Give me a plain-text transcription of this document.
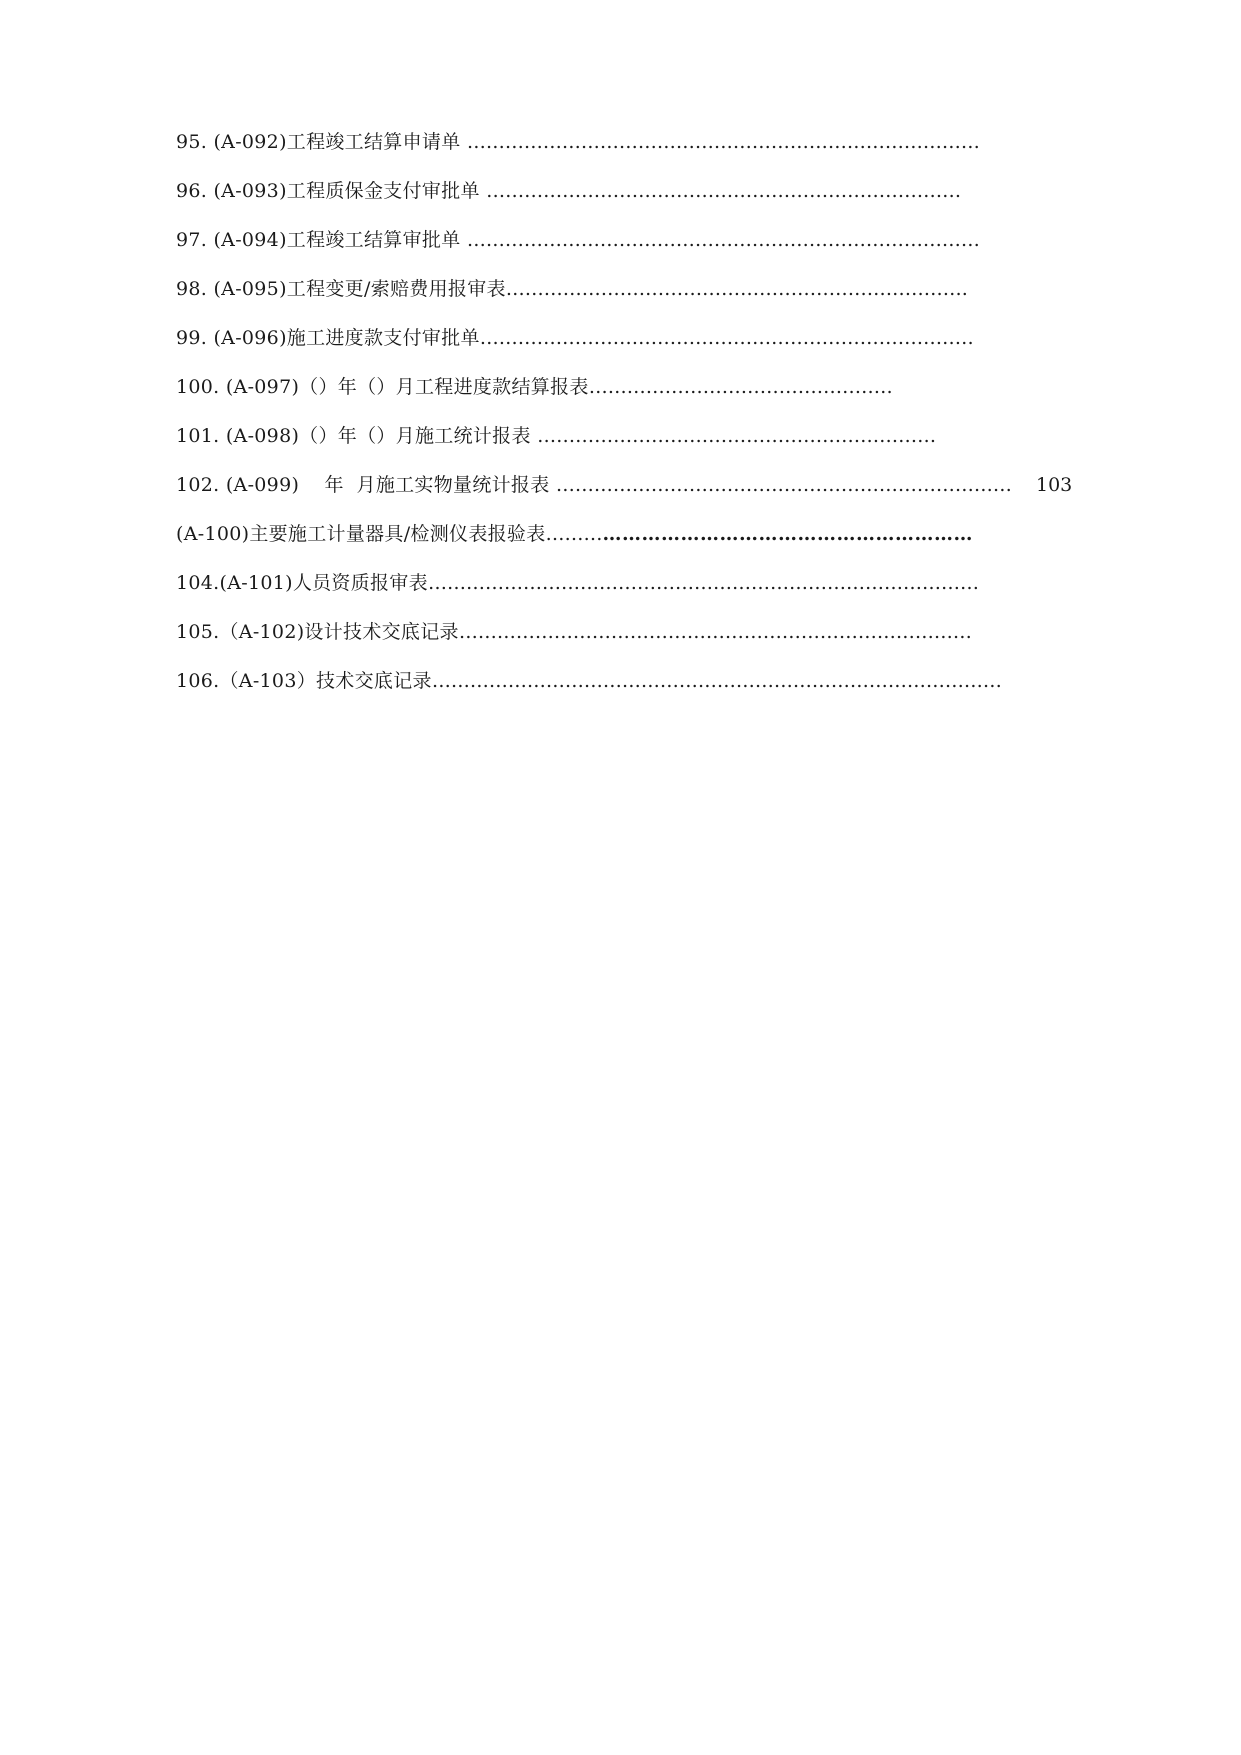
95. (A-092)工程竣工结算申请单 ………………………………………………………………………
96. (A-093)工程质保金支付审批单 …………………………………………………………………
97. (A-094)工程竣工结算审批单 ………………………………………………………………………
98. (A-095)工程变更/索赔费用报审表……………………………………………………………….
99. (A-096)施工进度款支付审批单……………………………………………………………………
100. (A-097)（）年（）月工程进度款结算报表…………………………………………
101. (A-098)（）年（）月施工统计报表 ………………………………………………………
102. (A-099)    年  月施工实物量统计报表 ………………………………………………………………   103
(A-100)主要施工计量器具/检测仪表报验表…………………………………………………………
104.(A-101)人员资质报审表……………………………………………………………………………
105.（A-102)设计技术交底记录………………………………………………………………………
106.（A-103）技术交底记录………………………………………………………………………………
